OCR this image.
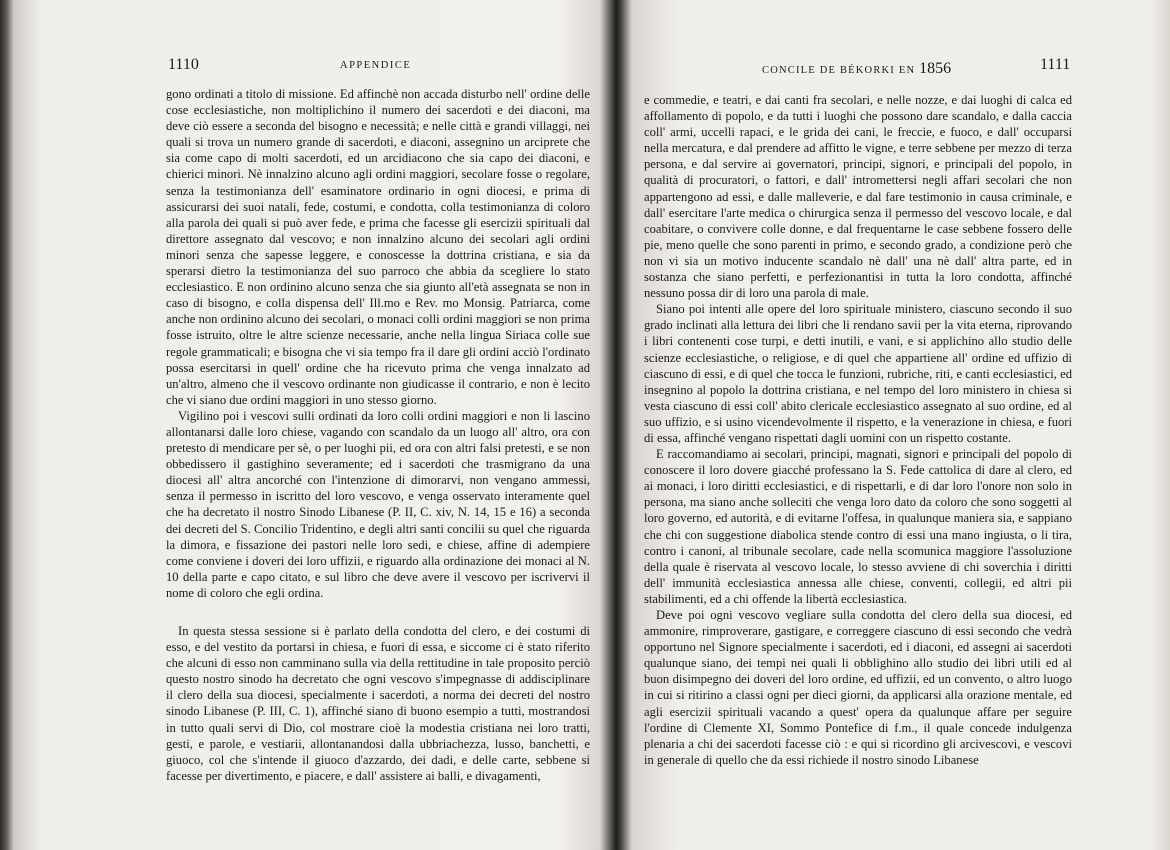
1110	APPENDICE

gono ordinati a titolo di missione. Ed affinchè non accada disturbo nell' ordine delle cose ecclesiastiche, non moltiplichino il numero dei sacerdoti e dei diaconi, ma deve ciò essere a seconda del bisogno e necessità; e nelle città e grandi villaggi, nei quali si trova un numero grande di sacerdoti, e diaconi, assegnino un arciprete che sia come capo di molti sacerdoti, ed un arcidiacono che sia capo dei diaconi, e chierici minori. Nè innalzino alcuno agli ordini maggiori, secolare fosse o regolare, senza la testimonianza dell' esaminatore ordinario in ogni diocesi, e prima di assicurarsi dei suoi natali, fede, costumi, e condotta, colla testimonianza di coloro alla parola dei quali si può aver fede, e prima che facesse gli esercizii spirituali dal direttore assegnato dal vescovo; e non innalzino alcuno dei secolari agli ordini minori senza che sapesse leggere, e conoscesse la dottrina cristiana, e sia da sperarsi dietro la testimonianza del suo parroco che abbia da scegliere lo stato ecclesiastico. E non ordinino alcuno senza che sia giunto all'età assegnata se non in caso di bisogno, e colla dispensa dell' Ill.mo e Rev. mo Monsig. Patriarca, come anche non ordinino alcuno dei secolari, o monaci colli ordini maggiori se non prima fosse istruito, oltre le altre scienze necessarie, anche nella lingua Siriaca colle sue regole grammaticali; e bisogna che vi sia tempo fra il dare gli ordini acciò l'ordinato possa esercitarsi in quell' ordine che ha ricevuto prima che venga innalzato ad un'altro, almeno che il vescovo ordinante non giudicasse il contrario, e non è lecito che vi siano due ordini maggiori in uno stesso giorno.

Vigilino poi i vescovi sulli ordinati da loro colli ordini maggiori e non li lascino allontanarsi dalle loro chiese, vagando con scandalo da un luogo all' altro, ora con pretesto di mendicare per sè, o per luoghi pii, ed ora con altri falsi pretesti, e se non obbedissero il gastighino severamente; ed i sacerdoti che trasmigrano da una diocesi all' altra ancorché con l'intenzione di dimorarvi, non vengano ammessi, senza il permesso in iscritto del loro vescovo, e venga osservato interamente quel che ha decretato il nostro Sinodo Libanese (P. II, C. xiv, N. 14, 15 e 16) a seconda dei decreti del S. Concilio Tridentino, e degli altri santi concilii su quel che riguarda la dimora, e fissazione dei pastori nelle loro sedi, e chiese, affine di adempiere come conviene i doveri dei loro uffizii, e riguardo alla ordinazione dei monaci al N. 10 della parte e capo citato, e sul libro che deve avere il vescovo per iscrivervi il nome di coloro che egli ordina.

In questa stessa sessione si è parlato della condotta del clero, e dei costumi di esso, e del vestito da portarsi in chiesa, e fuori di essa, e siccome ci è stato riferito che alcuni di esso non camminano sulla via della rettitudine in tale proposito perciò questo nostro sinodo ha decretato che ogni vescovo s'impegnasse di addisciplinare il clero della sua diocesi, specialmente i sacerdoti, a norma dei decreti del nostro sinodo Libanese (P. III, C. 1), affinché siano di buono esempio a tutti, mostrandosi in tutto quali servi di Dio, col mostrare cioè la modestia cristiana nei loro tratti, gesti, e parole, e vestiarii, allontanandosi dalla ubbriachezza, lusso, banchetti, e giuoco, col che s'intende il giuoco d'azzardo, dei dadi, e delle carte, sebbene si facesse per divertimento, e piacere, e dall' assistere ai balli, e divagamenti,

CONCILE DE BÉKORKI EN 1856	1111

e commedie, e teatri, e dai canti fra secolari, e nelle nozze, e dai luoghi di calca ed affollamento di popolo, e da tutti i luoghi che possono dare scandalo, e dalla caccia coll' armi, uccelli rapaci, e le grida dei cani, le freccie, e fuoco, e dall' occuparsi nella mercatura, e dal prendere ad affitto le vigne, e terre sebbene per mezzo di terza persona, e dal servire ai governatori, principi, signori, e principali del popolo, in qualità di procuratori, o fattori, e dall' intromettersi negli affari secolari che non appartengono ad essi, e dalle malleverie, e dal fare testimonio in causa criminale, e dall' esercitare l'arte medica o chirurgica senza il permesso del vescovo locale, e dal coabitare, o convivere colle donne, e dal frequentarne le case sebbene fossero delle pie, meno quelle che sono parenti in primo, e secondo grado, a condizione però che non vi sia un motivo inducente scandalo nè dall' una nè dall' altra parte, ed in sostanza che siano perfetti, e perfezionantisi in tutta la loro condotta, affinché nessuno possa dir di loro una parola di male.

Siano poi intenti alle opere del loro spirituale ministero, ciascuno secondo il suo grado inclinati alla lettura dei libri che li rendano savii per la vita eterna, riprovando i libri contenenti cose turpi, e detti inutili, e vani, e si applichino allo studio delle scienze ecclesiastiche, o religiose, e di quel che appartiene all' ordine ed uffizio di ciascuno di essi, e di quel che tocca le funzioni, rubriche, riti, e canti ecclesiastici, ed insegnino al popolo la dottrina cristiana, e nel tempo del loro ministero in chiesa si vesta ciascuno di essi coll' abito clericale ecclesiastico assegnato al suo ordine, ed al suo uffizio, e si usino vicendevolmente il rispetto, e la venerazione in chiesa, e fuori di essa, affinché vengano rispettati dagli uomini con un rispetto costante.

E raccomandiamo ai secolari, principi, magnati, signori e principali del popolo di conoscere il loro dovere giacché professano la S. Fede cattolica di dare al clero, ed ai monaci, i loro diritti ecclesiastici, e di rispettarli, e di dar loro l'onore non solo in persona, ma siano anche solleciti che venga loro dato da coloro che sono soggetti al loro governo, ed autorità, e di evitarne l'offesa, in qualunque maniera sia, e sappiano che chi con suggestione diabolica stende contro di essi una mano ingiusta, o li tira, contro i canoni, al tribunale secolare, cade nella scomunica maggiore l'assoluzione della quale è riservata al vescovo locale, lo stesso avviene di chi soverchia i diritti dell' immunità ecclesiastica annessa alle chiese, conventi, collegii, ed altri pii stabilimenti, ed a chi offende la libertà ecclesiastica.

Deve poi ogni vescovo vegliare sulla condotta del clero della sua diocesi, ed ammonire, rimproverare, gastigare, e correggere ciascuno di essi secondo che vedrà opportuno nel Signore specialmente i sacerdoti, ed i diaconi, ed assegni ai sacerdoti qualunque siano, dei tempi nei quali li obblighino allo studio dei libri utili ed al buon disimpegno dei doveri del loro ordine, ed uffizii, ed un convento, o altro luogo in cui si ritirino a classi ogni per dieci giorni, da applicarsi alla orazione mentale, ed agli esercizii spirituali vacando a quest' opera da qualunque affare per seguire l'ordine di Clemente XI, Sommo Pontefice di f.m., il quale concede indulgenza plenaria a chi dei sacerdoti facesse ciò : e qui si ricordino gli arcivescovi, e vescovi in generale di quello che da essi richiede il nostro sinodo Libanese
